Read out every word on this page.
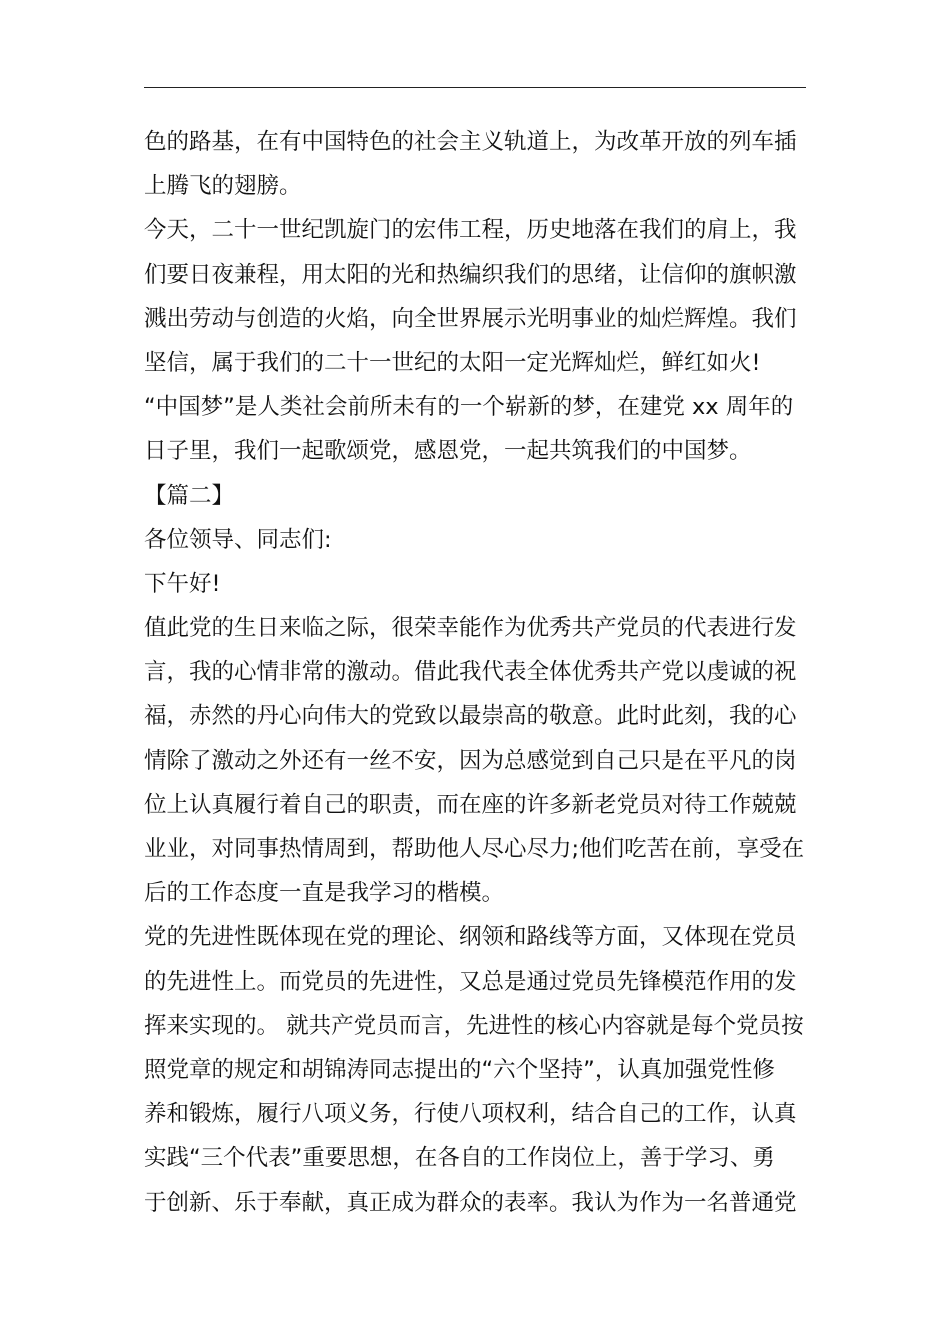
色的路基，在有中国特色的社会主义轨道上，为改革开放的列车插
上腾飞的翅膀。
今天，二十一世纪凯旋门的宏伟工程，历史地落在我们的肩上，我
们要日夜兼程，用太阳的光和热编织我们的思绪，让信仰的旗帜激
溅出劳动与创造的火焰，向全世界展示光明事业的灿烂辉煌。我们
坚信，属于我们的二十一世纪的太阳一定光辉灿烂，鲜红如火!
“中国梦”是人类社会前所未有的一个崭新的梦，在建党 xx 周年的
日子里，我们一起歌颂党，感恩党，一起共筑我们的中国梦。
【篇二】
各位领导、同志们:
下午好!
值此党的生日来临之际，很荣幸能作为优秀共产党员的代表进行发
言，我的心情非常的激动。借此我代表全体优秀共产党以虔诚的祝
福，赤然的丹心向伟大的党致以最崇高的敬意。此时此刻，我的心
情除了激动之外还有一丝不安，因为总感觉到自己只是在平凡的岗
位上认真履行着自己的职责，而在座的许多新老党员对待工作兢兢
业业，对同事热情周到，帮助他人尽心尽力;他们吃苦在前，享受在
后的工作态度一直是我学习的楷模。
党的先进性既体现在党的理论、纲领和路线等方面，又体现在党员
的先进性上。而党员的先进性，又总是通过党员先锋模范作用的发
挥来实现的。 就共产党员而言，先进性的核心内容就是每个党员按
照党章的规定和胡锦涛同志提出的“六个坚持”，认真加强党性修
养和锻炼，履行八项义务，行使八项权利，结合自己的工作，认真
实践“三个代表”重要思想，在各自的工作岗位上，善于学习、勇
于创新、乐于奉献，真正成为群众的表率。我认为作为一名普通党
